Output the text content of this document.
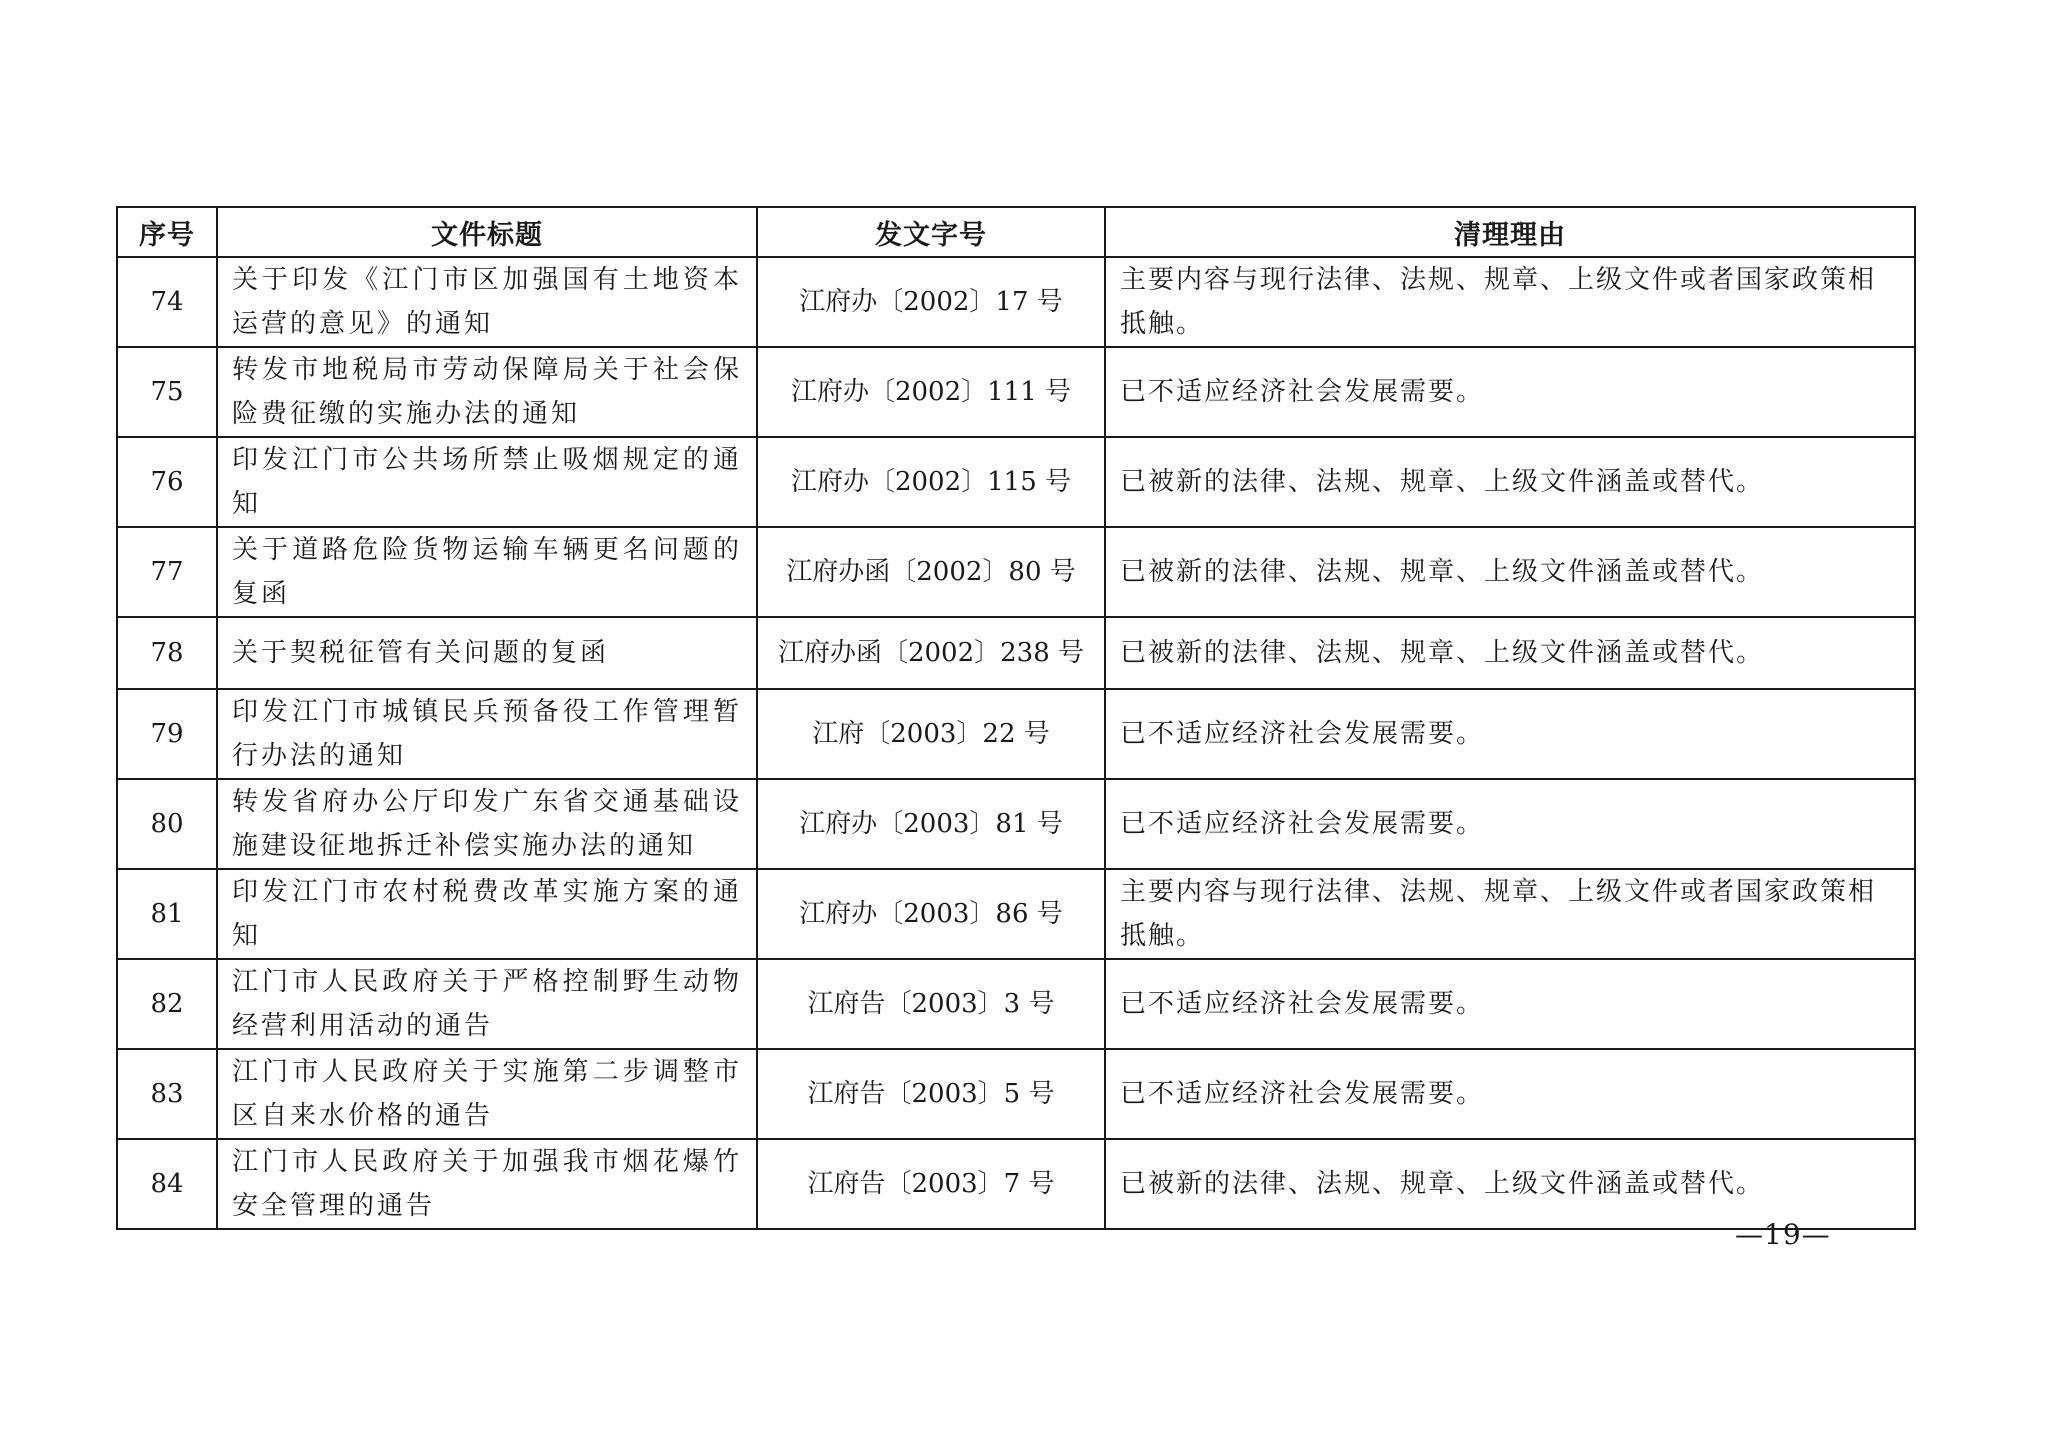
序号	文件标题	发文字号	清理理由
74	关于印发《江门市区加强国有土地资本运营的意见》的通知	江府办〔2002〕17 号	主要内容与现行法律、法规、规章、上级文件或者国家政策相抵触。
75	转发市地税局市劳动保障局关于社会保险费征缴的实施办法的通知	江府办〔2002〕111 号	已不适应经济社会发展需要。
76	印发江门市公共场所禁止吸烟规定的通知	江府办〔2002〕115 号	已被新的法律、法规、规章、上级文件涵盖或替代。
77	关于道路危险货物运输车辆更名问题的复函	江府办函〔2002〕80 号	已被新的法律、法规、规章、上级文件涵盖或替代。
78	关于契税征管有关问题的复函	江府办函〔2002〕238 号	已被新的法律、法规、规章、上级文件涵盖或替代。
79	印发江门市城镇民兵预备役工作管理暂行办法的通知	江府〔2003〕22 号	已不适应经济社会发展需要。
80	转发省府办公厅印发广东省交通基础设施建设征地拆迁补偿实施办法的通知	江府办〔2003〕81 号	已不适应经济社会发展需要。
81	印发江门市农村税费改革实施方案的通知	江府办〔2003〕86 号	主要内容与现行法律、法规、规章、上级文件或者国家政策相抵触。
82	江门市人民政府关于严格控制野生动物经营利用活动的通告	江府告〔2003〕3 号	已不适应经济社会发展需要。
83	江门市人民政府关于实施第二步调整市区自来水价格的通告	江府告〔2003〕5 号	已不适应经济社会发展需要。
84	江门市人民政府关于加强我市烟花爆竹安全管理的通告	江府告〔2003〕7 号	已被新的法律、法规、规章、上级文件涵盖或替代。
—19—
